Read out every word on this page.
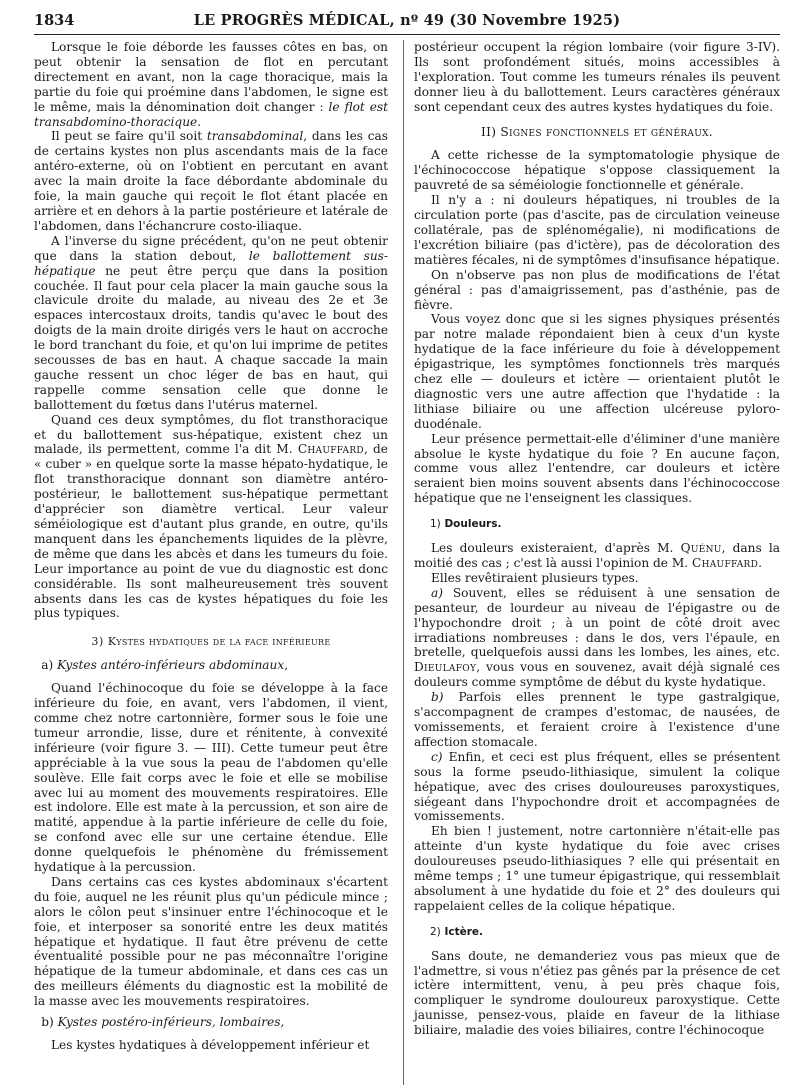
1834	LE PROGRÈS MÉDICAL, nº 49 (30 Novembre 1925)

Lorsque le foie déborde les fausses côtes en bas, on peut obtenir la sensation de flot en percutant directement en avant, non la cage thoracique, mais la partie du foie qui proémine dans l'abdomen, le signe est le même, mais la dénomination doit changer : le flot est transabdomino-thoracique.

Il peut se faire qu'il soit transabdominal, dans les cas de certains kystes non plus ascendants mais de la face antéro-externe, où on l'obtient en percutant en avant avec la main droite la face débordante abdominale du foie, la main gauche qui reçoit le flot étant placée en arrière et en dehors à la partie postérieure et latérale de l'abdomen, dans l'échancrure costo-iliaque.

A l'inverse du signe précédent, qu'on ne peut obtenir que dans la station debout, le ballottement sus-hépatique ne peut être perçu que dans la position couchée. Il faut pour cela placer la main gauche sous la clavicule droite du malade, au niveau des 2e et 3e espaces intercostaux droits, tandis qu'avec le bout des doigts de la main droite dirigés vers le haut on accroche le bord tranchant du foie, et qu'on lui imprime de petites secousses de bas en haut. A chaque saccade la main gauche ressent un choc léger de bas en haut, qui rappelle comme sensation celle que donne le ballottement du fœtus dans l'utérus maternel.

Quand ces deux symptômes, du flot transthoracique et du ballottement sus-hépatique, existent chez un malade, ils permettent, comme l'a dit M. Chauffard, de « cuber » en quelque sorte la masse hépato-hydatique, le flot transthoracique donnant son diamètre antéro-postérieur, le ballottement sus-hépatique permettant d'apprécier son diamètre vertical. Leur valeur séméiologique est d'autant plus grande, en outre, qu'ils manquent dans les épanchements liquides de la plèvre, de même que dans les abcès et dans les tumeurs du foie. Leur importance au point de vue du diagnostic est donc considérable. Ils sont malheureusement très souvent absents dans les cas de kystes hépatiques du foie les plus typiques.

3) Kystes hydatiques de la face inférieure
a) Kystes antéro-inférieurs abdominaux,

Quand l'échinocoque du foie se développe à la face inférieure du foie, en avant, vers l'abdomen, il vient, comme chez notre cartonnière, former sous le foie une tumeur arrondie, lisse, dure et rénitente, à convexité inférieure (voir figure 3. — III). Cette tumeur peut être appréciable à la vue sous la peau de l'abdomen qu'elle soulève. Elle fait corps avec le foie et elle se mobilise avec lui au moment des mouvements respiratoires. Elle est indolore. Elle est mate à la percussion, et son aire de matité, appendue à la partie inférieure de celle du foie, se confond avec elle sur une certaine étendue. Elle donne quelquefois le phénomène du frémissement hydatique à la percussion.

Dans certains cas ces kystes abdominaux s'écartent du foie, auquel ne les réunit plus qu'un pédicule mince ; alors le côlon peut s'insinuer entre l'échinocoque et le foie, et interposer sa sonorité entre les deux matités hépatique et hydatique. Il faut être prévenu de cette éventualité possible pour ne pas méconnaître l'origine hépatique de la tumeur abdominale, et dans ces cas un des meilleurs éléments du diagnostic est la mobilité de la masse avec les mouvements respiratoires.

b) Kystes postéro-inférieurs, lombaires,

Les kystes hydatiques à développement inférieur et

postérieur occupent la région lombaire (voir figure 3-IV). Ils sont profondément situés, moins accessibles à l'exploration. Tout comme les tumeurs rénales ils peuvent donner lieu à du ballottement. Leurs caractères généraux sont cependant ceux des autres kystes hydatiques du foie.

II) Signes fonctionnels et généraux.

A cette richesse de la symptomatologie physique de l'échinococcose hépatique s'oppose classiquement la pauvreté de sa séméiologie fonctionnelle et générale.

Il n'y a : ni douleurs hépatiques, ni troubles de la circulation porte (pas d'ascite, pas de circulation veineuse collatérale, pas de splénomégalie), ni modifications de l'excrétion biliaire (pas d'ictère), pas de décoloration des matières fécales, ni de symptômes d'insufisance hépatique.

On n'observe pas non plus de modifications de l'état général : pas d'amaigrissement, pas d'asthénie, pas de fièvre.

Vous voyez donc que si les signes physiques présentés par notre malade répondaient bien à ceux d'un kyste hydatique de la face inférieure du foie à développement épigastrique, les symptômes fonctionnels très marqués chez elle — douleurs et ictère — orientaient plutôt le diagnostic vers une autre affection que l'hydatide : la lithiase biliaire ou une affection ulcéreuse pyloro-duodénale.

Leur présence permettait-elle d'éliminer d'une manière absolue le kyste hydatique du foie ? En aucune façon, comme vous allez l'entendre, car douleurs et ictère seraient bien moins souvent absents dans l'échinococcose hépatique que ne l'enseignent les classiques.

1) Douleurs.

Les douleurs existeraient, d'après M. Quénu, dans la moitié des cas ; c'est là aussi l'opinion de M. Chauffard.

Elles revêtiraient plusieurs types.

a) Souvent, elles se réduisent à une sensation de pesanteur, de lourdeur au niveau de l'épigastre ou de l'hypochondre droit ; à un point de côté droit avec irradiations nombreuses : dans le dos, vers l'épaule, en bretelle, quelquefois aussi dans les lombes, les aines, etc. Dieulafoy, vous vous en souvenez, avait déjà signalé ces douleurs comme symptôme de début du kyste hydatique.

b) Parfois elles prennent le type gastralgique, s'accompagnent de crampes d'estomac, de nausées, de vomissements, et feraient croire à l'existence d'une affection stomacale.

c) Enfin, et ceci est plus fréquent, elles se présentent sous la forme pseudo-lithiasique, simulent la colique hépatique, avec des crises douloureuses paroxystiques, siégeant dans l'hypochondre droit et accompagnées de vomissements.

Eh bien ! justement, notre cartonnière n'était-elle pas atteinte d'un kyste hydatique du foie avec crises douloureuses pseudo-lithiasiques ? elle qui présentait en même temps ; 1° une tumeur épigastrique, qui ressemblait absolument à une hydatide du foie et 2° des douleurs qui rappelaient celles de la colique hépatique.

2) Ictère.

Sans doute, ne demanderiez vous pas mieux que de l'admettre, si vous n'étiez pas gênés par la présence de cet ictère intermittent, venu, à peu près chaque fois, compliquer le syndrome douloureux paroxystique. Cette jaunisse, pensez-vous, plaide en faveur de la lithiase biliaire, maladie des voies biliaires, contre l'échinocoque
